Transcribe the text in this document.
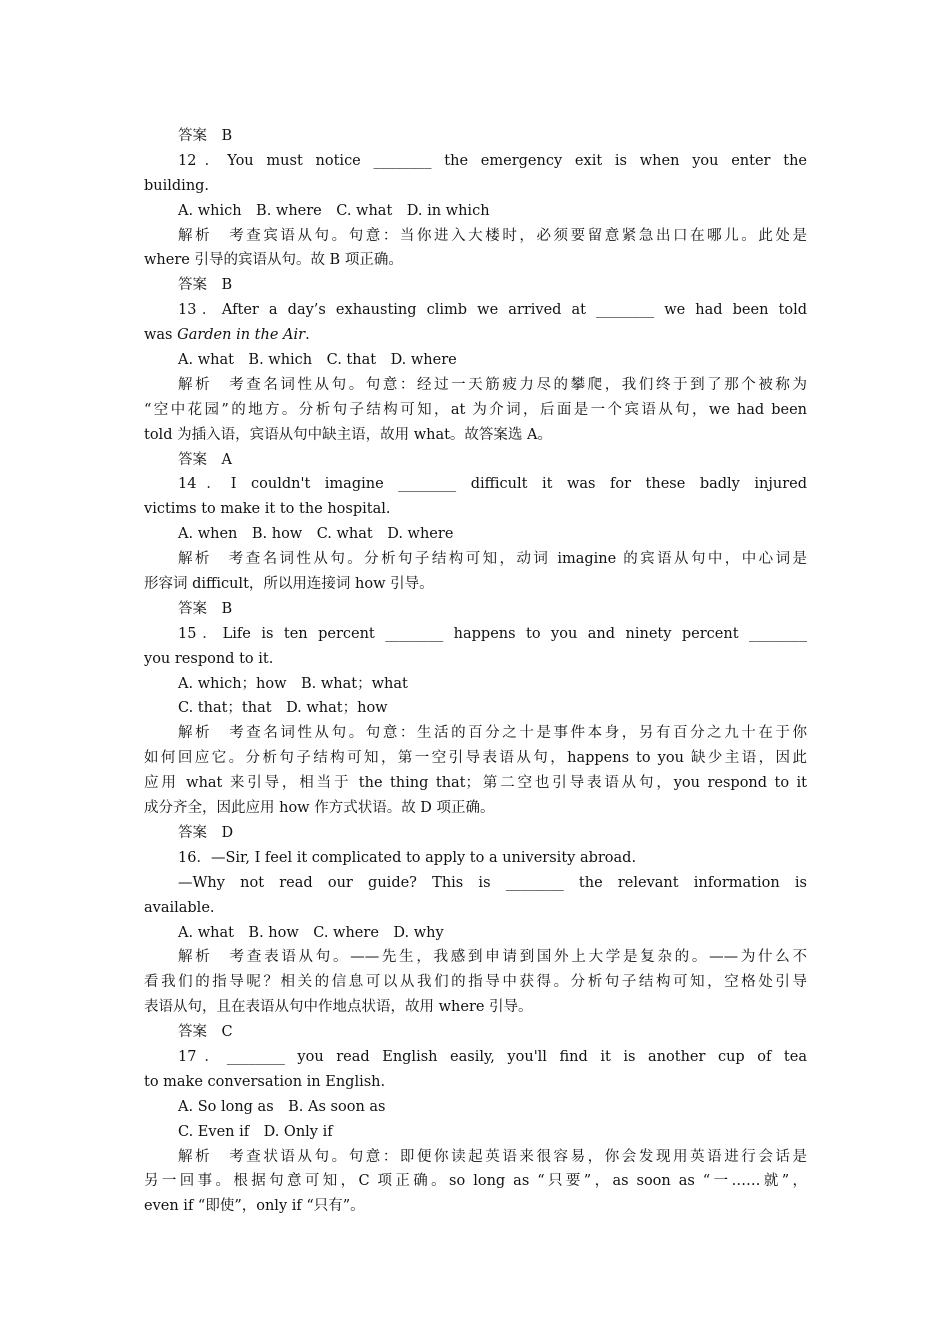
答案　B
12．You must notice ________ the emergency exit is when you enter the
building.
A. which　B. where　C. what　D. in which
解析　考查宾语从句。句意：当你进入大楼时，必须要留意紧急出口在哪儿。此处是
where 引导的宾语从句。故 B 项正确。
答案　B
13．After a day’s exhausting climb we arrived at ________ we had been told
was Garden in the Air.
A. what　B. which　C. that　D. where
解析　考查名词性从句。句意：经过一天筋疲力尽的攀爬，我们终于到了那个被称为
“空中花园”的地方。分析句子结构可知，at 为介词，后面是一个宾语从句，we had been
told 为插入语，宾语从句中缺主语，故用 what。故答案选 A。
答案　A
14．I couldn't imagine ________ difficult it was for these badly injured
victims to make it to the hospital.
A. when　B. how　C. what　D. where
解析　考查名词性从句。分析句子结构可知，动词 imagine 的宾语从句中，中心词是
形容词 difficult，所以用连接词 how 引导。
答案　B
15．Life is ten percent ________ happens to you and ninety percent ________
you respond to it.
A. which；how　B. what；what
C. that；that　D. what；how
解析　考查名词性从句。句意：生活的百分之十是事件本身，另有百分之九十在于你
如何回应它。分析句子结构可知，第一空引导表语从句，happens to you 缺少主语，因此
应用 what 来引导，相当于 the thing that；第二空也引导表语从句，you respond to it
成分齐全，因此应用 how 作方式状语。故 D 项正确。
答案　D
16．—Sir, I feel it complicated to apply to a university abroad.
—Why not read our guide? This is ________ the relevant information is
available.
A. what　B. how　C. where　D. why
解析　考查表语从句。——先生，我感到申请到国外上大学是复杂的。——为什么不
看我们的指导呢？相关的信息可以从我们的指导中获得。分析句子结构可知，空格处引导
表语从句，且在表语从句中作地点状语，故用 where 引导。
答案　C
17．________ you read English easily, you'll find it is another cup of tea
to make conversation in English.
A. So long as　B. As soon as
C. Even if　D. Only if
解析　考查状语从句。句意：即便你读起英语来很容易，你会发现用英语进行会话是
另一回事。根据句意可知，C 项正确。so long as “只要”，as soon as “一……就”，
even if “即使”，only if “只有”。
